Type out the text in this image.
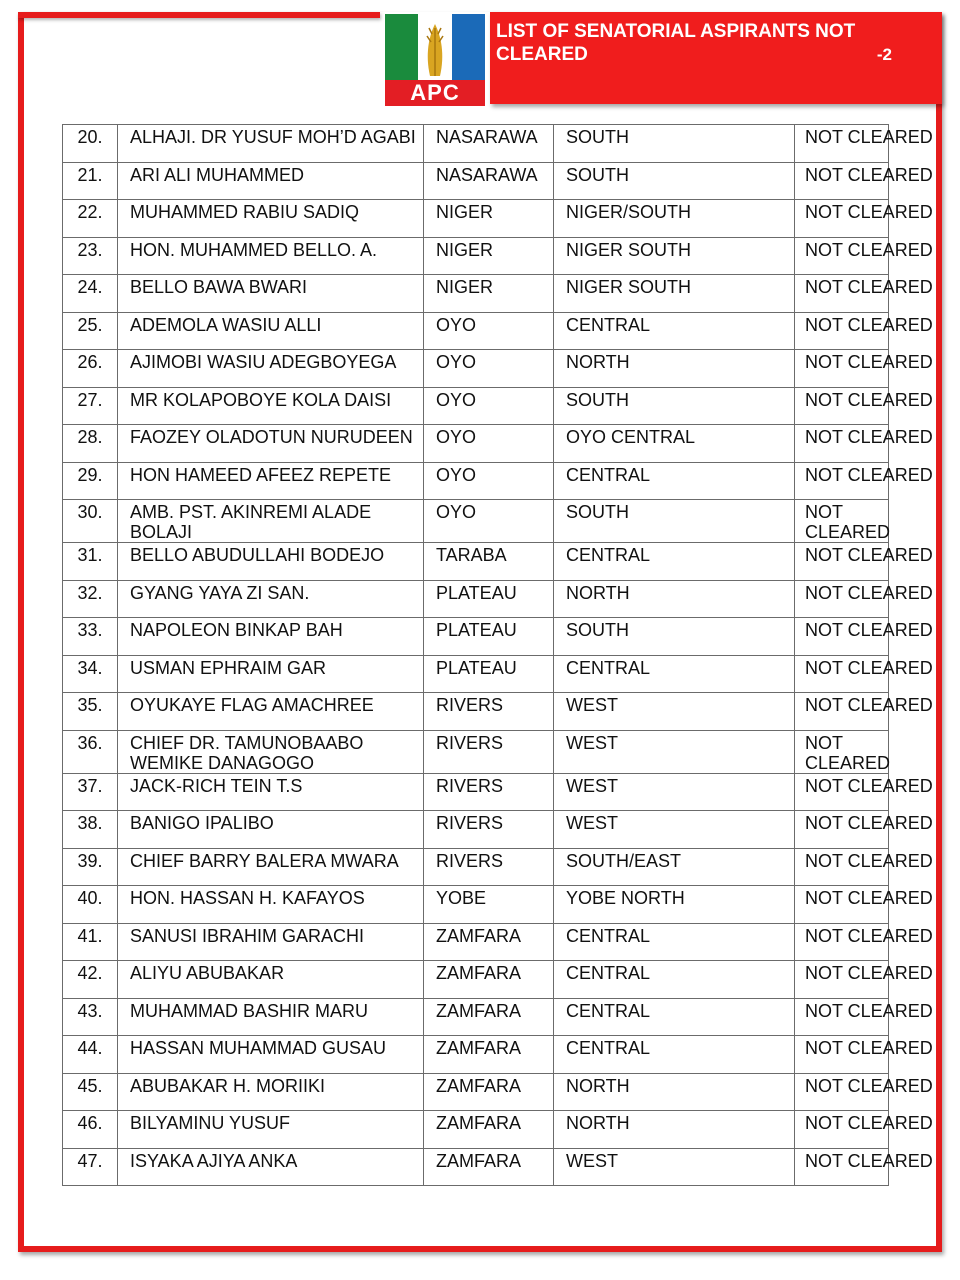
APC
LIST OF SENATORIAL ASPIRANTS NOT CLEARED	-2
20.	ALHAJI. DR YUSUF MOH’D AGABI	NASARAWA	SOUTH	NOT CLEARED
21.	ARI ALI MUHAMMED	NASARAWA	SOUTH	NOT CLEARED
22.	MUHAMMED RABIU SADIQ	NIGER	NIGER/SOUTH	NOT CLEARED
23.	HON. MUHAMMED BELLO. A.	NIGER	NIGER SOUTH	NOT CLEARED
24.	BELLO BAWA BWARI	NIGER	NIGER SOUTH	NOT CLEARED
25.	ADEMOLA WASIU ALLI	OYO	CENTRAL	NOT CLEARED
26.	AJIMOBI WASIU ADEGBOYEGA	OYO	NORTH	NOT CLEARED
27.	MR KOLAPOBOYE KOLA DAISI	OYO	SOUTH	NOT CLEARED
28.	FAOZEY OLADOTUN NURUDEEN	OYO	OYO CENTRAL	NOT CLEARED
29.	HON HAMEED AFEEZ REPETE	OYO	CENTRAL	NOT CLEARED
30.	AMB. PST. AKINREMI ALADE BOLAJI	OYO	SOUTH	NOT CLEARED
31.	BELLO ABUDULLAHI BODEJO	TARABA	CENTRAL	NOT CLEARED
32.	GYANG YAYA ZI SAN.	PLATEAU	NORTH	NOT CLEARED
33.	NAPOLEON BINKAP BAH	PLATEAU	SOUTH	NOT CLEARED
34.	USMAN EPHRAIM GAR	PLATEAU	CENTRAL	NOT CLEARED
35.	OYUKAYE FLAG AMACHREE	RIVERS	WEST	NOT CLEARED
36.	CHIEF DR. TAMUNOBAABO WEMIKE DANAGOGO	RIVERS	WEST	NOT CLEARED
37.	JACK-RICH TEIN T.S	RIVERS	WEST	NOT CLEARED
38.	BANIGO IPALIBO	RIVERS	WEST	NOT CLEARED
39.	CHIEF BARRY BALERA MWARA	RIVERS	SOUTH/EAST	NOT CLEARED
40.	HON. HASSAN H. KAFAYOS	YOBE	YOBE NORTH	NOT CLEARED
41.	SANUSI IBRAHIM GARACHI	ZAMFARA	CENTRAL	NOT CLEARED
42.	ALIYU ABUBAKAR	ZAMFARA	CENTRAL	NOT CLEARED
43.	MUHAMMAD BASHIR MARU	ZAMFARA	CENTRAL	NOT CLEARED
44.	HASSAN MUHAMMAD GUSAU	ZAMFARA	CENTRAL	NOT CLEARED
45.	ABUBAKAR H. MORIIKI	ZAMFARA	NORTH	NOT CLEARED
46.	BILYAMINU YUSUF	ZAMFARA	NORTH	NOT CLEARED
47.	ISYAKA AJIYA ANKA	ZAMFARA	WEST	NOT CLEARED
